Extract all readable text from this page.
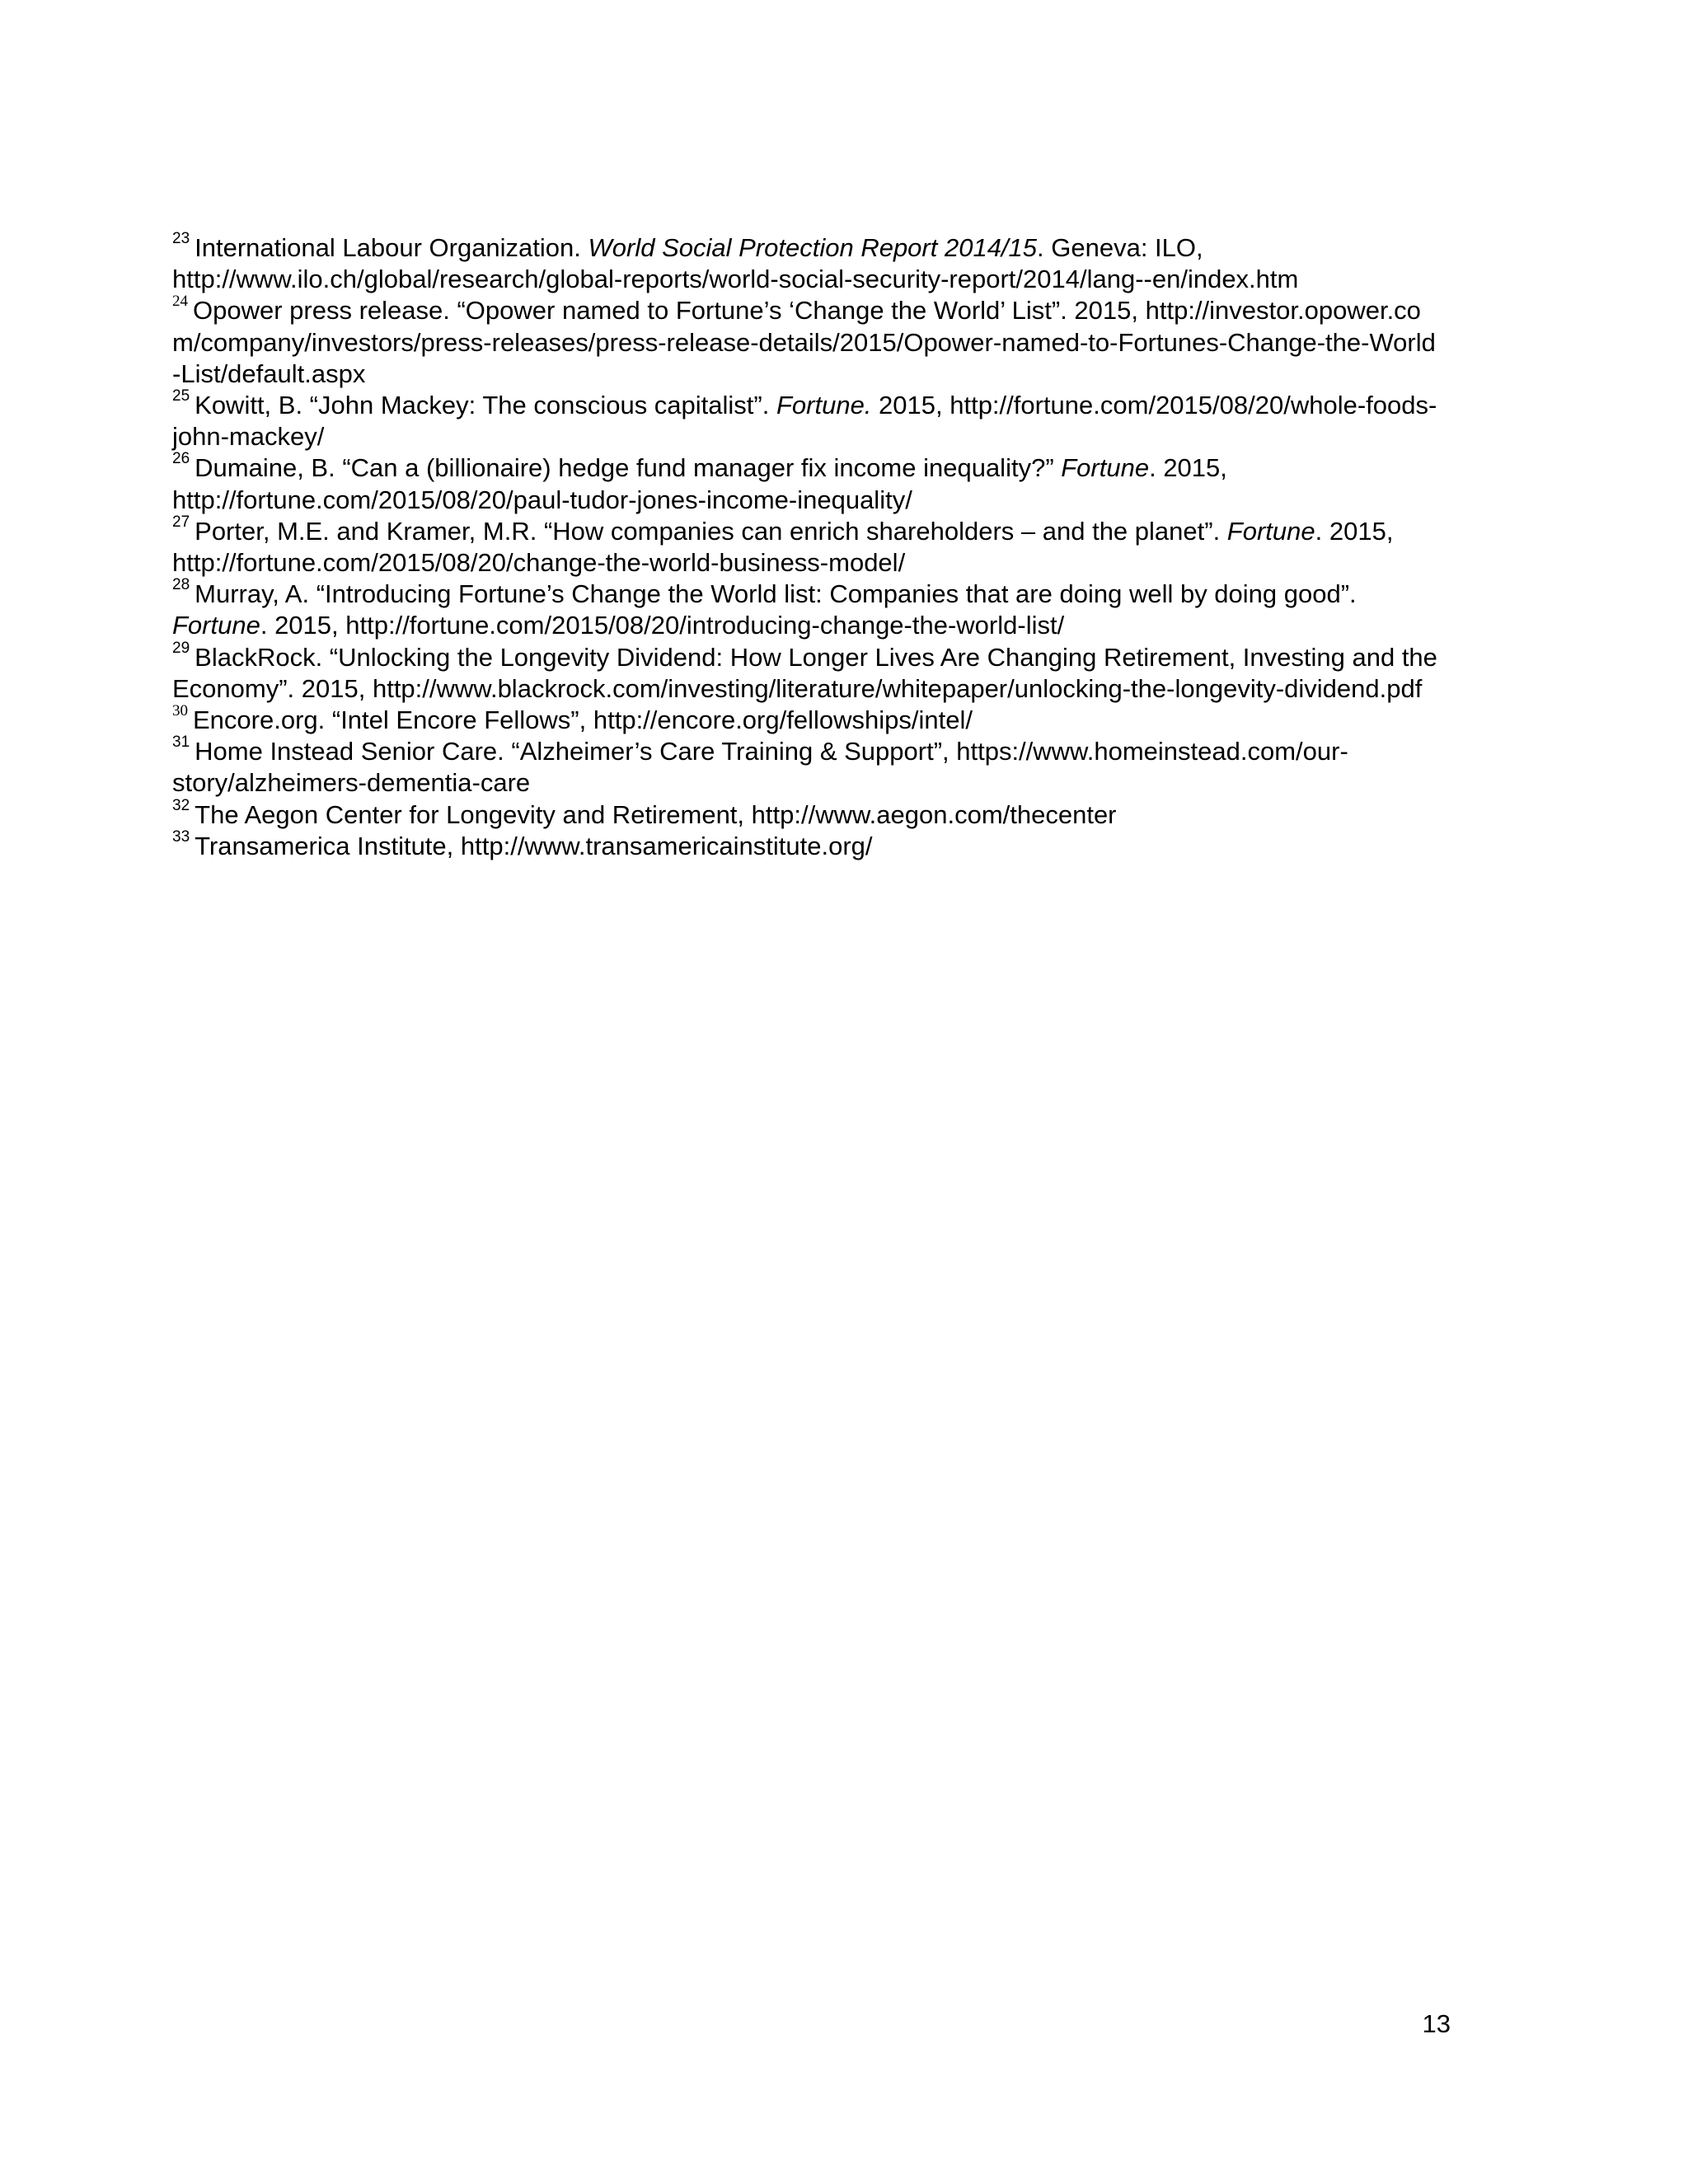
$^{23}$ International Labour Organization. World Social Protection Report 2014/15. Geneva: ILO, http://www.ilo.ch/global/research/global-reports/world-social-security-report/2014/lang--en/index.htm

$^{24}$ Opower press release. “Opower named to Fortune’s ‘Change the World’ List”. 2015, http://investor.opower.com/company/investors/press-releases/press-release-details/2015/Opower-named-to-Fortunes-Change-the-World-List/default.aspx

$^{25}$ Kowitt, B. “John Mackey: The conscious capitalist”. Fortune. 2015, http://fortune.com/2015/08/20/whole-foods-john-mackey/

$^{26}$ Dumaine, B. “Can a (billionaire) hedge fund manager fix income inequality?” Fortune. 2015, http://fortune.com/2015/08/20/paul-tudor-jones-income-inequality/

$^{27}$ Porter, M.E. and Kramer, M.R. “How companies can enrich shareholders – and the planet”. Fortune. 2015, http://fortune.com/2015/08/20/change-the-world-business-model/

$^{28}$ Murray, A. “Introducing Fortune’s Change the World list: Companies that are doing well by doing good”. Fortune. 2015, http://fortune.com/2015/08/20/introducing-change-the-world-list/

$^{29}$ BlackRock. “Unlocking the Longevity Dividend: How Longer Lives Are Changing Retirement, Investing and the Economy”. 2015, http://www.blackrock.com/investing/literature/whitepaper/unlocking-the-longevity-dividend.pdf

$^{30}$ Encore.org. “Intel Encore Fellows”, http://encore.org/fellowships/intel/

$^{31}$ Home Instead Senior Care. “Alzheimer’s Care Training & Support”, https://www.homeinstead.com/our-story/alzheimers-dementia-care

$^{32}$ The Aegon Center for Longevity and Retirement, http://www.aegon.com/thecenter

$^{33}$ Transamerica Institute, http://www.transamericainstitute.org/

13
